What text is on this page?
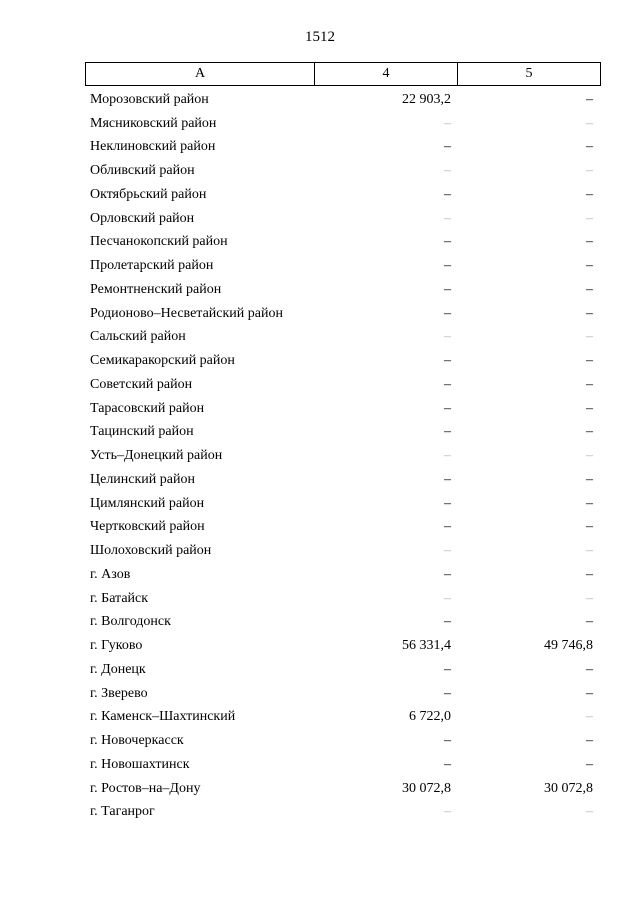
1512
А	4	5
Морозовский район	22 903,2	–
Мясниковский район	–	–
Неклиновский район	–	–
Обливский район	–	–
Октябрьский район	–	–
Орловский район	–	–
Песчанокопский район	–	–
Пролетарский район	–	–
Ремонтненский район	–	–
Родионово–Несветайский район	–	–
Сальский район	–	–
Семикаракорский район	–	–
Советский район	–	–
Тарасовский район	–	–
Тацинский район	–	–
Усть–Донецкий район	–	–
Целинский район	–	–
Цимлянский район	–	–
Чертковский район	–	–
Шолоховский район	–	–
г. Азов	–	–
г. Батайск	–	–
г. Волгодонск	–	–
г. Гуково	56 331,4	49 746,8
г. Донецк	–	–
г. Зверево	–	–
г. Каменск–Шахтинский	6 722,0	–
г. Новочеркасск	–	–
г. Новошахтинск	–	–
г. Ростов–на–Дону	30 072,8	30 072,8
г. Таганрог	–	–
